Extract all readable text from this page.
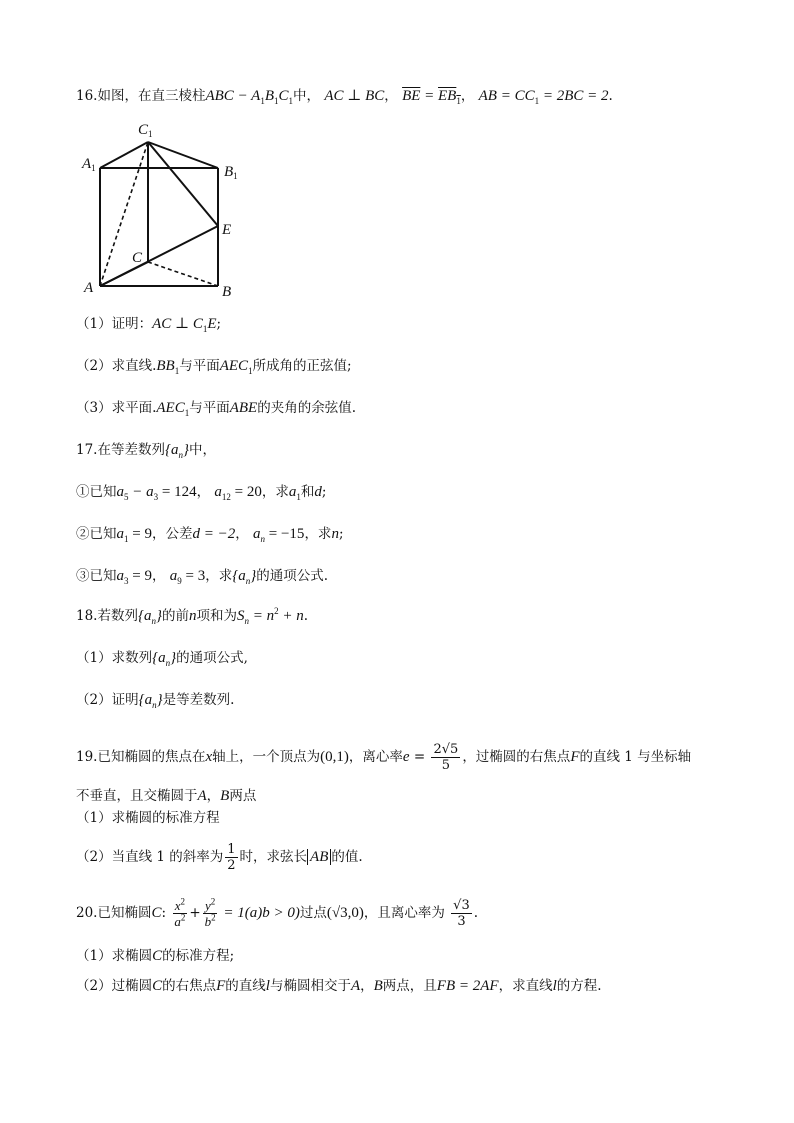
16.如图，在直三棱柱ABC − $A_1B_1C_1$中， AC ⊥ BC， $\overline{BE} = EB_1$， AB = $CC_1 = 2BC = 2$.
$C_1$
$A_1$	$B_1$
E
C
A	B
（1）证明：AC ⊥ $C_1E$;
（2）求直线$.BB_1$与平面$AEC_1$所成角的正弦值;
（3）求平面$.AEC_1$与平面ABE的夹角的余弦值.
17.在等差数列$\{a_n\}$中，
①已知$a_5 - a_3 = 124$， $a_{12} = 20$，求$a_1$和d;
②已知$a_1 = 9$，公差d = −2， $a_n = -15$，求n;
③已知$a_3 = 9$， $a_9 = 3$，求$\{a_n\}$的通项公式.
18.若数列$\{a_n\}$的前n项和为$S_n = n^2 + n$.
（1）求数列$\{a_n\}$的通项公式,
（2）证明$\{a_n\}$是等差数列.
19.已知椭圆的焦点在x轴上，一个顶点为(0,1)，离心率$e = \frac{2√5}{5}$ ，过椭圆的右焦点F的直线 1 与坐标轴
不垂直，且交椭圆于A，B两点
（1）求椭圆的标准方程
（2）当直线 1 的斜率为 $\frac{1}{2}$ 时，求弦长 AB 的值.
20.已知椭圆C: $\frac{x^2}{a^2} + \frac{y^2}{b^2} = 1(a)b > 0$)过点(√3,0)，且离心率为 $\frac{√3}{3}$ .
（1）求椭圆C的标准方程;
（2）过椭圆C的右焦点F的直线l与椭圆相交于A，B两点，且FB = 2AF，求直线l的方程.
